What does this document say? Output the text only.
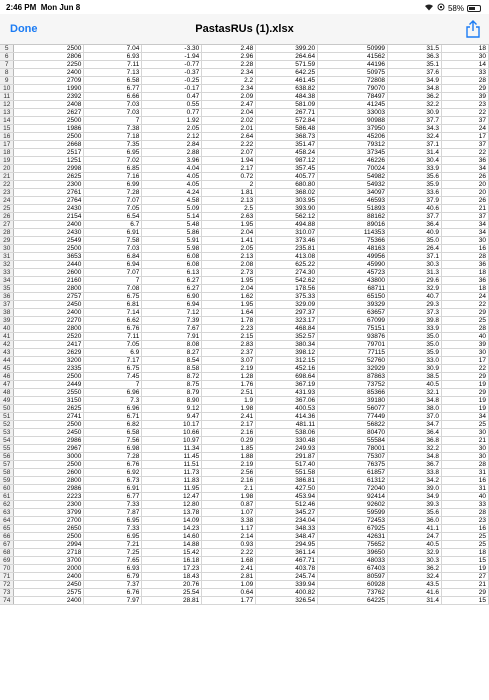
2:46 PM Mon Jun 8	58%
Done	PastasRUs (1).xlsx
5	2500	7.04	-3.30	2.48	399.20	50999	31.5	18
6	2806	6.93	-1.94	2.96	264.64	41562	36.3	30
7	2250	7.11	-0.77	2.28	571.59	44196	35.1	14
8	2400	7.13	-0.37	2.34	642.25	50975	37.6	33
9	2709	6.58	-0.25	2.2	461.45	72808	34.9	28
10	1990	6.77	-0.17	2.34	638.82	79070	34.8	29
11	2392	6.66	0.47	2.09	484.38	78497	36.2	39
12	2408	7.03	0.55	2.47	581.09	41245	32.2	23
13	2627	7.03	0.77	2.04	267.71	33003	30.9	22
14	2500	7	1.92	2.02	572.84	90988	37.7	37
15	1986	7.38	2.05	2.01	586.48	37950	34.3	24
16	2500	7.18	2.12	2.64	368.73	45206	32.4	17
17	2668	7.35	2.84	2.22	351.47	79312	37.1	37
18	2517	6.95	2.88	2.07	458.24	37345	31.4	22
19	1251	7.02	3.96	1.94	987.12	46226	30.4	36
20	2998	6.85	4.04	2.17	357.45	70024	33.9	34
21	2625	7.16	4.05	0.72	405.77	54982	35.6	26
22	2300	6.99	4.05	2	680.80	54932	35.9	20
23	2761	7.28	4.24	1.81	368.02	34097	33.6	20
24	2764	7.07	4.58	2.13	303.95	46593	37.9	26
25	2430	7.05	5.09	2.5	393.90	51893	40.6	21
26	2154	6.54	5.14	2.63	562.12	88162	37.7	37
27	2400	6.7	5.48	1.95	494.88	89016	36.4	34
28	2430	6.91	5.86	2.04	310.07	114353	40.9	34
29	2549	7.58	5.91	1.41	373.46	75366	35.0	30
30	2500	7.03	5.98	2.05	235.81	48163	26.4	16
31	3653	6.84	6.08	2.13	413.08	49956	37.1	28
32	2440	6.94	6.08	2.08	625.22	45990	30.3	36
33	2600	7.07	6.13	2.73	274.30	45723	31.3	18
34	2160	7	6.27	1.95	542.62	43800	29.6	36
35	2800	7.08	6.27	2.04	178.56	68711	32.9	18
36	2757	6.75	6.90	1.62	375.33	65150	40.7	24
37	2450	6.81	6.94	1.95	329.09	39329	29.3	22
38	2400	7.14	7.12	1.64	297.37	63657	37.3	29
39	2270	6.62	7.39	1.78	323.17	67099	39.8	25
40	2800	6.76	7.67	2.23	468.84	75151	33.9	28
41	2520	7.11	7.91	2.15	352.57	93876	35.0	40
42	2417	7.05	8.08	2.83	380.34	79701	35.0	39
43	2629	6.9	8.27	2.37	398.12	77115	35.9	30
44	3200	7.17	8.54	3.07	312.15	52760	33.0	17
45	2335	6.75	8.58	2.19	452.16	32929	30.9	22
46	2500	7.45	8.72	1.28	698.64	87863	38.5	29
47	2449	7	8.75	1.76	367.19	73752	40.5	19
48	2550	6.96	8.79	2.51	431.93	85366	32.1	29
49	3150	7.3	8.90	1.9	367.06	39180	34.8	19
50	2625	6.96	9.12	1.98	400.53	56077	38.0	19
51	2741	6.71	9.47	2.41	414.36	77449	37.0	34
52	2500	6.82	10.17	2.17	481.11	56822	34.7	25
53	2450	6.58	10.66	2.16	538.06	80470	36.4	30
54	2986	7.56	10.97	0.29	330.48	55584	36.8	21
55	2967	6.98	11.34	1.85	249.93	78001	32.2	30
56	3000	7.28	11.45	1.88	291.87	75307	34.8	30
57	2500	6.76	11.51	2.19	517.40	76375	36.7	28
58	2600	6.92	11.73	2.56	551.58	61857	33.8	31
59	2800	6.73	11.83	2.16	386.81	61312	34.2	16
60	2986	6.91	11.95	2.1	427.50	72040	39.0	31
61	2223	6.77	12.47	1.98	453.94	92414	34.9	40
62	2300	7.33	12.80	0.87	512.46	92602	39.3	33
63	3799	7.87	13.78	1.07	345.27	59599	35.6	28
64	2700	6.95	14.09	3.38	234.04	72453	36.0	23
65	2650	7.33	14.23	1.17	348.33	67925	41.1	16
66	2500	6.95	14.60	2.14	348.47	42631	24.7	25
67	2994	7.21	14.88	0.93	294.95	75652	40.5	25
68	2718	7.25	15.42	2.22	361.14	39650	32.9	18
69	3700	7.65	16.18	1.68	467.71	48033	30.3	15
70	2000	6.93	17.23	2.41	403.78	67403	36.2	19
71	2400	6.79	18.43	2.81	245.74	80597	32.4	27
72	2450	7.37	20.76	1.09	339.94	60928	43.5	21
73	2575	6.76	25.54	0.64	400.82	73762	41.6	29
74	2400	7.97	28.81	1.77	326.54	64225	31.4	15
